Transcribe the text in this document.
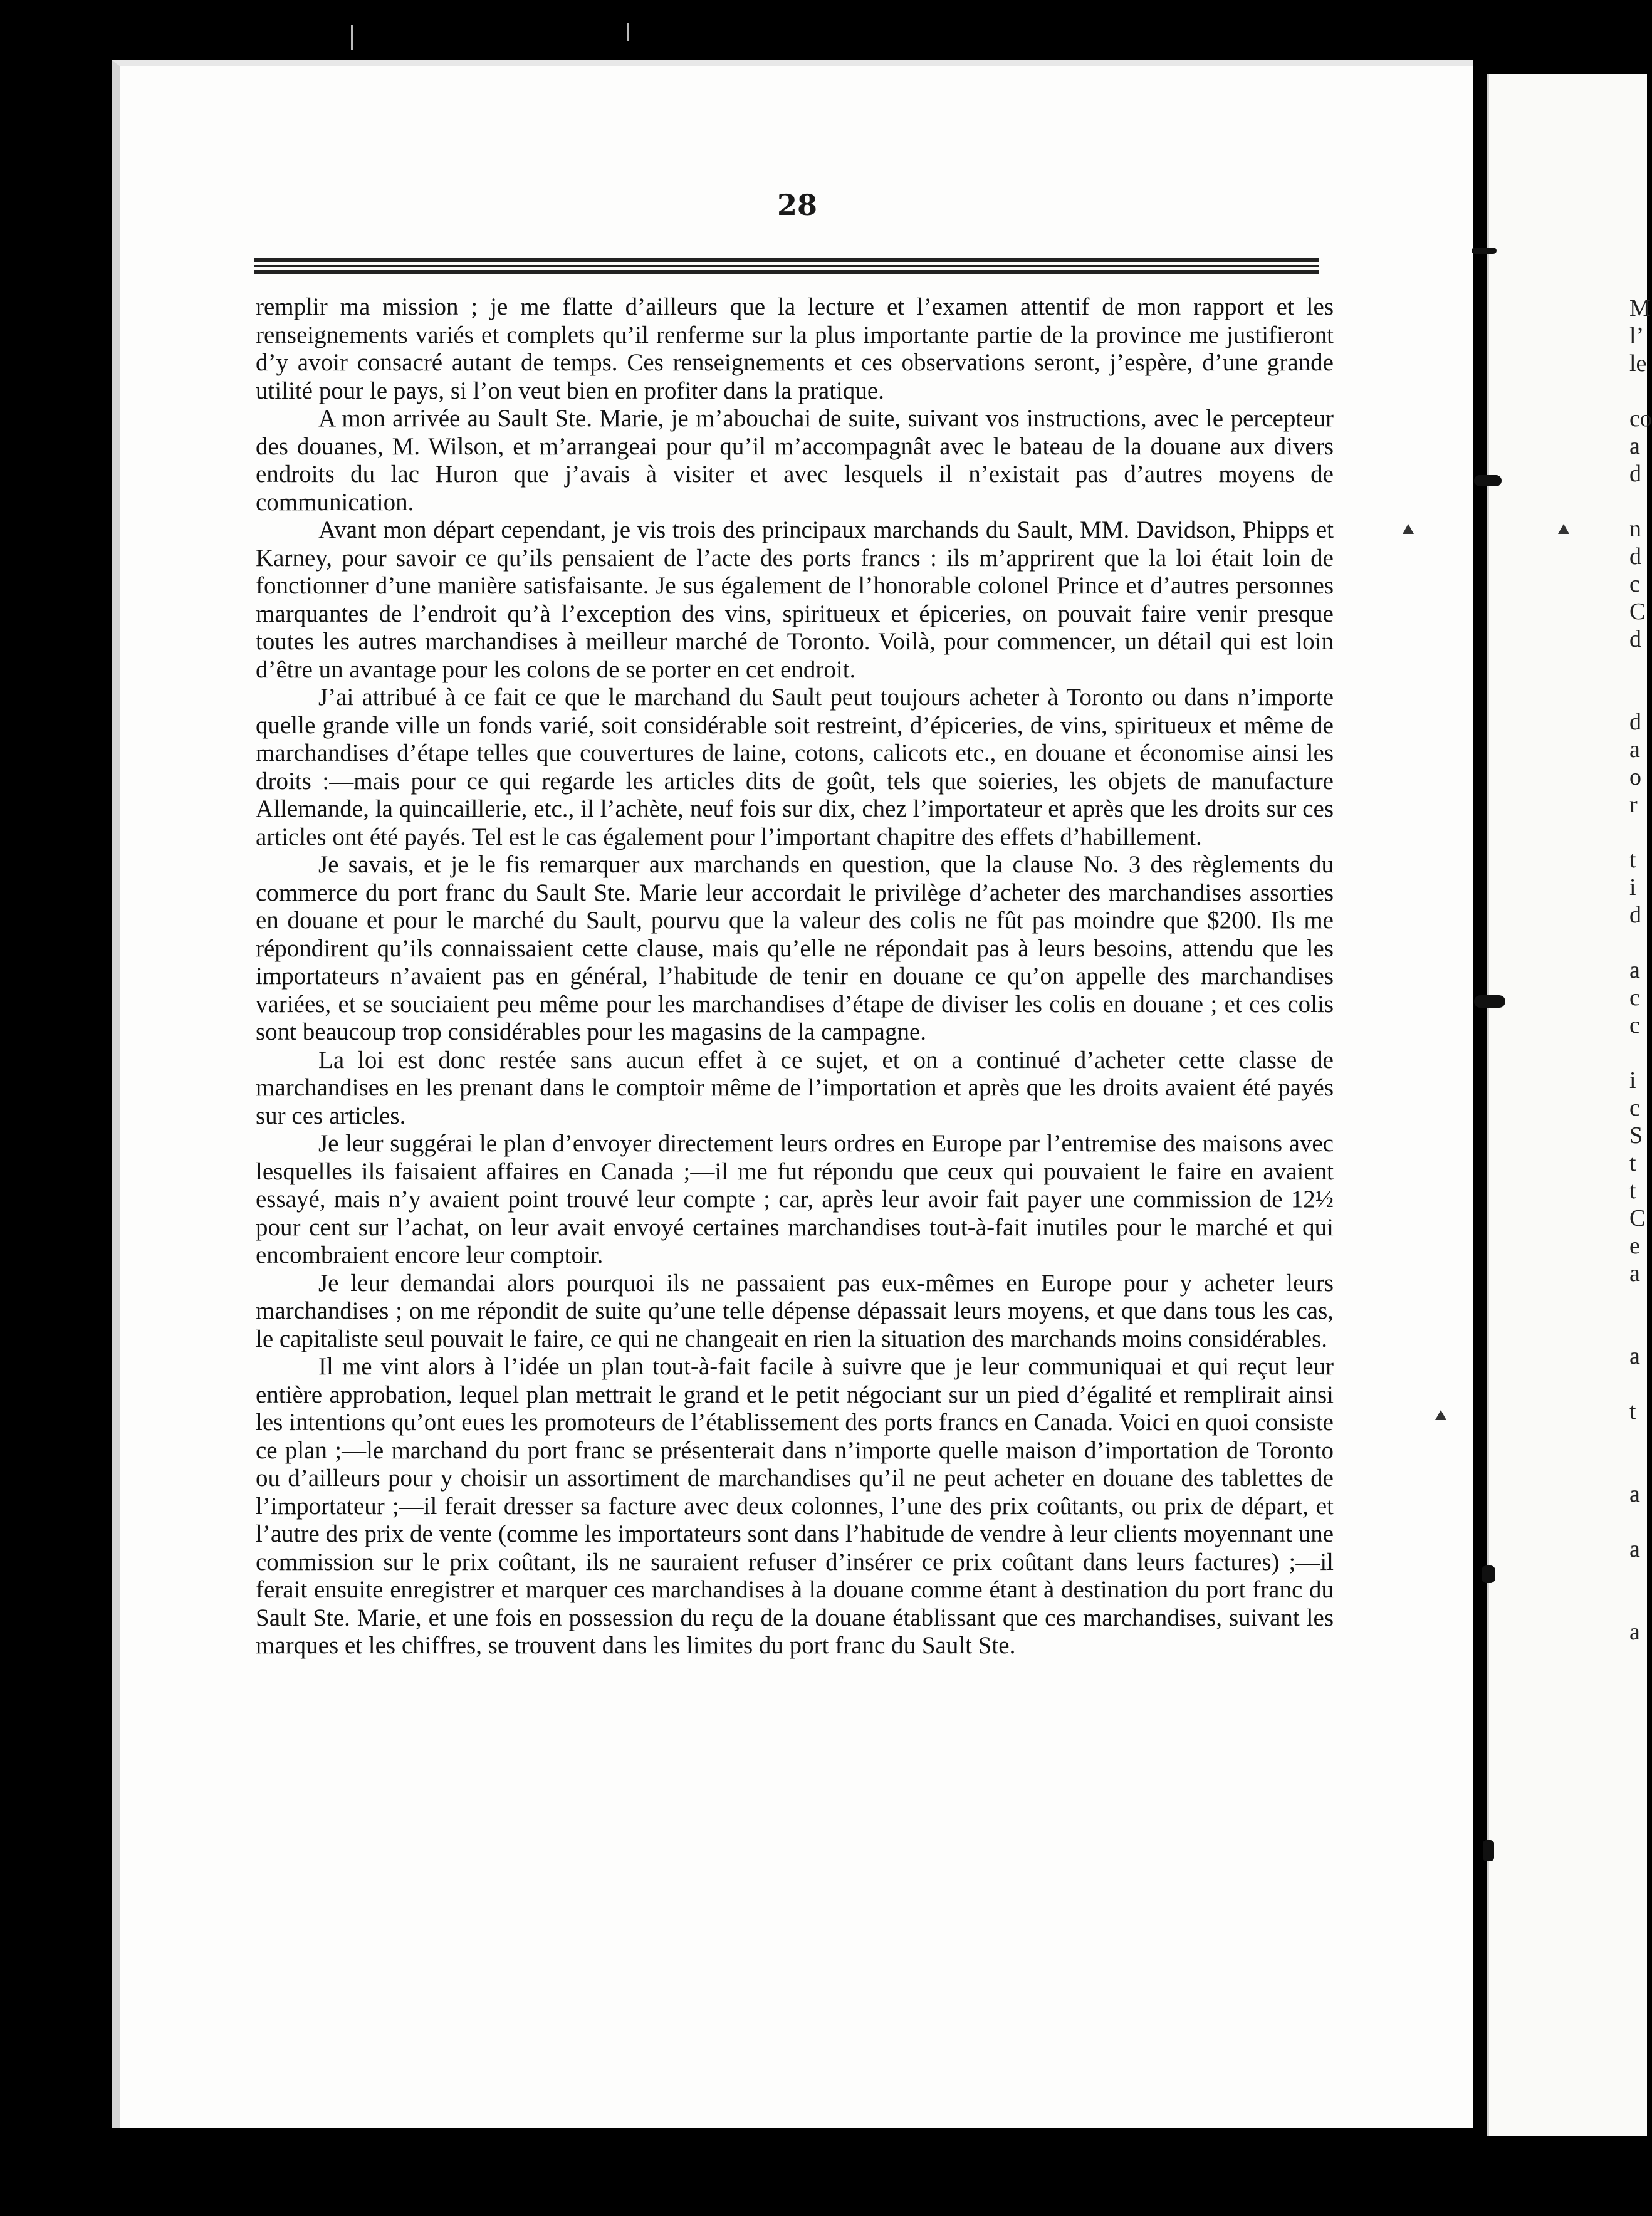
28

remplir ma mission ; je me flatte d’ailleurs que la lecture et l’examen attentif de mon rapport et les renseignements variés et complets qu’il renferme sur la plus importante partie de la province me justifieront d’y avoir consacré autant de temps. Ces renseignements et ces observations seront, j’espère, d’une grande utilité pour le pays, si l’on veut bien en profiter dans la pratique.

A mon arrivée au Sault Ste. Marie, je m’abouchai de suite, suivant vos instructions, avec le percepteur des douanes, M. Wilson, et m’arrangeai pour qu’il m’accompagnât avec le bateau de la douane aux divers endroits du lac Huron que j’avais à visiter et avec lesquels il n’existait pas d’autres moyens de communication.

Avant mon départ cependant, je vis trois des principaux marchands du Sault, MM. Davidson, Phipps et Karney, pour savoir ce qu’ils pensaient de l’acte des ports francs : ils m’apprirent que la loi était loin de fonctionner d’une manière satisfaisante. Je sus également de l’honorable colonel Prince et d’autres personnes marquantes de l’endroit qu’à l’exception des vins, spiritueux et épiceries, on pouvait faire venir presque toutes les autres marchandises à meilleur marché de Toronto. Voilà, pour commencer, un détail qui est loin d’être un avantage pour les colons de se porter en cet endroit.

J’ai attribué à ce fait ce que le marchand du Sault peut toujours acheter à Toronto ou dans n’importe quelle grande ville un fonds varié, soit considérable soit restreint, d’épiceries, de vins, spiritueux et même de marchandises d’étape telles que couvertures de laine, cotons, calicots etc., en douane et économise ainsi les droits :—mais pour ce qui regarde les articles dits de goût, tels que soieries, les objets de manufacture Allemande, la quincaillerie, etc., il l’achète, neuf fois sur dix, chez l’importateur et après que les droits sur ces articles ont été payés. Tel est le cas également pour l’important chapitre des effets d’habillement.

Je savais, et je le fis remarquer aux marchands en question, que la clause No. 3 des règlements du commerce du port franc du Sault Ste. Marie leur accordait le privilège d’acheter des marchandises assorties en douane et pour le marché du Sault, pourvu que la valeur des colis ne fût pas moindre que $200. Ils me répondirent qu’ils connaissaient cette clause, mais qu’elle ne répondait pas à leurs besoins, attendu que les importateurs n’avaient pas en général, l’habitude de tenir en douane ce qu’on appelle des marchandises variées, et se souciaient peu même pour les marchandises d’étape de diviser les colis en douane ; et ces colis sont beaucoup trop considérables pour les magasins de la campagne.

La loi est donc restée sans aucun effet à ce sujet, et on a continué d’acheter cette classe de marchandises en les prenant dans le comptoir même de l’importation et après que les droits avaient été payés sur ces articles.

Je leur suggérai le plan d’envoyer directement leurs ordres en Europe par l’entremise des maisons avec lesquelles ils faisaient affaires en Canada ;—il me fut répondu que ceux qui pouvaient le faire en avaient essayé, mais n’y avaient point trouvé leur compte ; car, après leur avoir fait payer une commission de 12½ pour cent sur l’achat, on leur avait envoyé certaines marchandises tout-à-fait inutiles pour le marché et qui encombraient encore leur comptoir.

Je leur demandai alors pourquoi ils ne passaient pas eux-mêmes en Europe pour y acheter leurs marchandises ; on me répondit de suite qu’une telle dépense dépassait leurs moyens, et que dans tous les cas, le capitaliste seul pouvait le faire, ce qui ne changeait en rien la situation des marchands moins considérables.

Il me vint alors à l’idée un plan tout-à-fait facile à suivre que je leur communiquai et qui reçut leur entière approbation, lequel plan mettrait le grand et le petit négociant sur un pied d’égalité et remplirait ainsi les intentions qu’ont eues les promoteurs de l’établissement des ports francs en Canada. Voici en quoi consiste ce plan ;—le marchand du port franc se présenterait dans n’importe quelle maison d’importation de Toronto ou d’ailleurs pour y choisir un assortiment de marchandises qu’il ne peut acheter en douane des tablettes de l’importateur ;—il ferait dresser sa facture avec deux colonnes, l’une des prix coûtants, ou prix de départ, et l’autre des prix de vente (comme les importateurs sont dans l’habitude de vendre à leur clients moyennant une commission sur le prix coûtant, ils ne sauraient refuser d’insérer ce prix coûtant dans leurs factures) ;—il ferait ensuite enregistrer et marquer ces marchandises à la douane comme étant à destination du port franc du Sault Ste. Marie, et une fois en possession du reçu de la douane établissant que ces marchandises, suivant les marques et les chiffres, se trouvent dans les limites du port franc du Sault Ste.

M
l’
le

co
a
d

n
d
c
C
d

d
a
o
r

t
i
d

a
c
c

i
c
S
t
t
C
e
a

a

t

a

a

a
